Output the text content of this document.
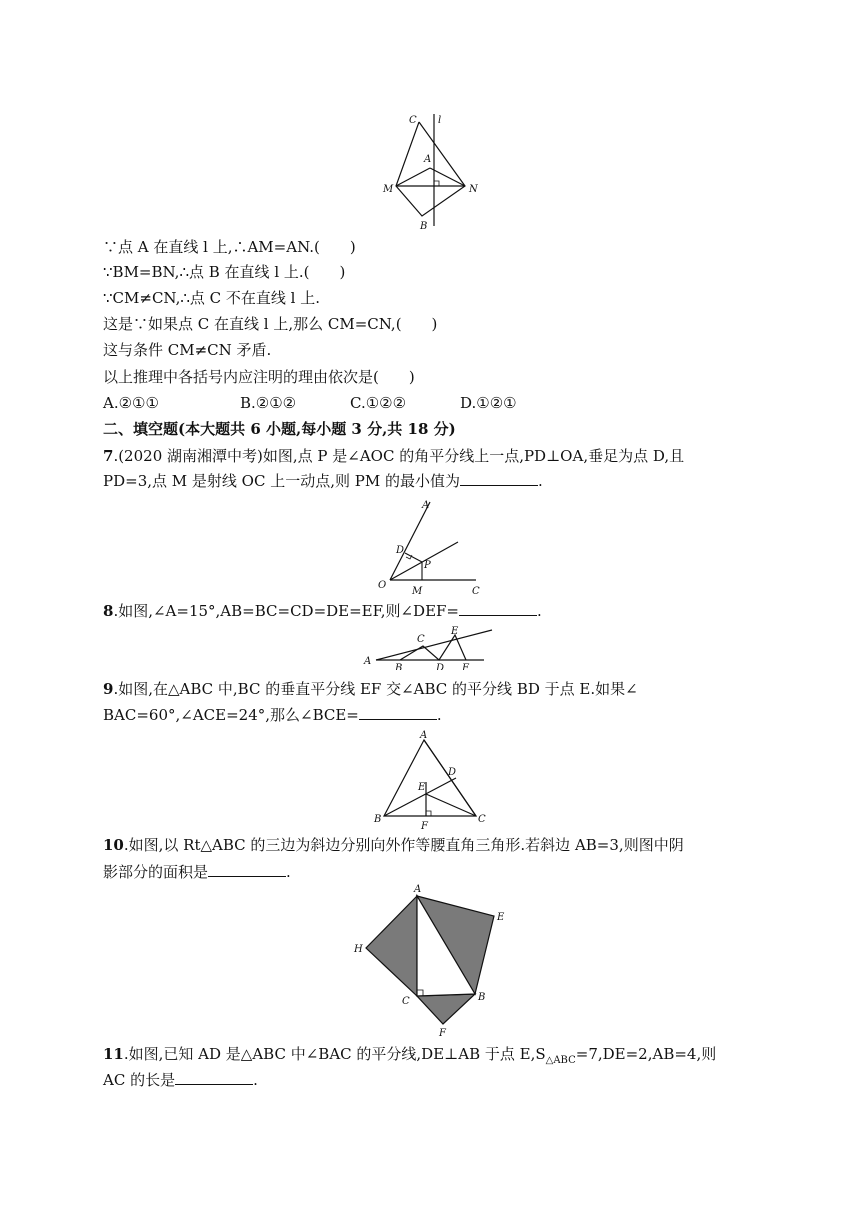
C l
A
M	N
B
∵点 A 在直线 l 上,∴AM=AN.(　　)
∵BM=BN,∴点 B 在直线 l 上.(　　)
∵CM≠CN,∴点 C 不在直线 l 上.
这是∵如果点 C 在直线 l 上,那么 CM=CN,(　　)
这与条件 CM≠CN 矛盾.
以上推理中各括号内应注明的理由依次是(　　)
A.②①①	B.②①②	C.①②②	D.①②①
二、填空题(本大题共 6 小题,每小题 3 分,共 18 分)
7.(2020 湖南湘潭中考)如图,点 P 是∠AOC 的角平分线上一点,PD⊥OA,垂足为点 D,且
PD=3,点 M 是射线 OC 上一动点,则 PM 的最小值为	.
A
D
P
O
M	C
8.如图,∠A=15°,AB=BC=CD=DE=EF,则∠DEF=	.
A
B
C
D
E
F
9.如图,在△ABC 中,BC 的垂直平分线 EF 交∠ABC 的平分线 BD 于点 E.如果∠
BAC=60°,∠ACE=24°,那么∠BCE=	.
A
D
E
B
F
C
10.如图,以 Rt△ABC 的三边为斜边分别向外作等腰直角三角形.若斜边 AB=3,则图中阴
影部分的面积是	.
A
E
H
C	B
F
11.如图,已知 AD 是△ABC 中∠BAC 的平分线,DE⊥AB 于点 $E,S_{\triangle ABC}=7,DE=2,AB=4$,则
AC 的长是	.
